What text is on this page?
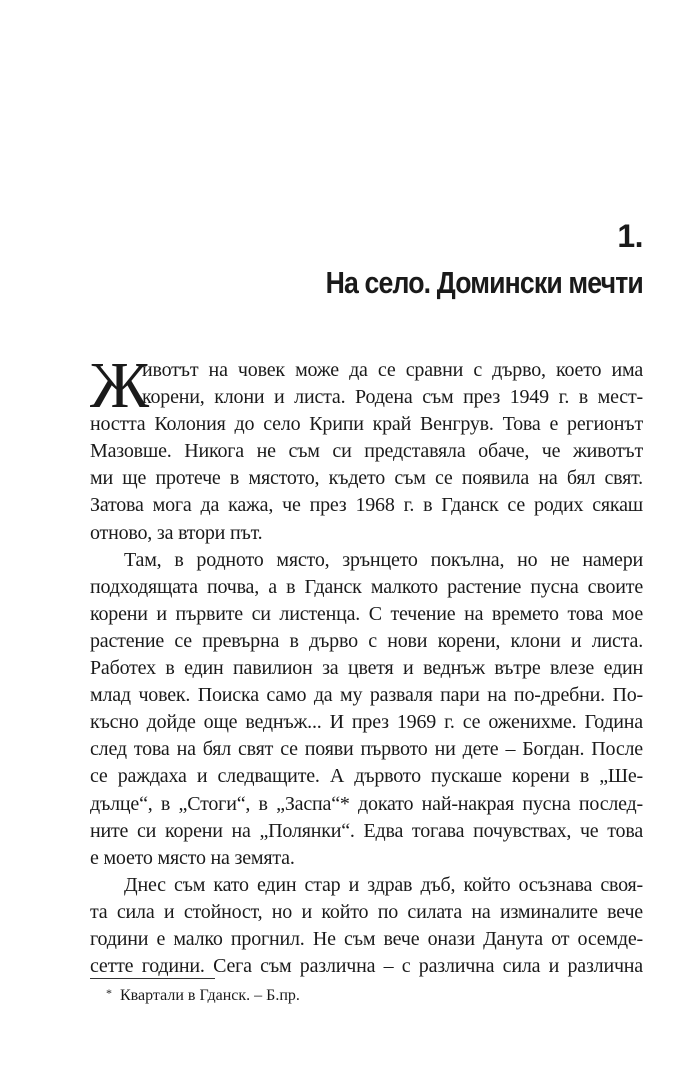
1.
На село. Домински мечти
Ж
ивотът на човек може да се сравни с дърво, което има
корени, клони и листа. Родена съм през 1949 г. в мест-
ността Колония до село Крипи край Венгрув. Това е регионът
Мазовше. Никога не съм си представяла обаче, че животът
ми ще протече в мястото, където съм се появила на бял свят.
Затова мога да кажа, че през 1968 г. в Гданск се родих сякаш
отново, за втори път.
Там, в родното място, зрънцето покълна, но не намери
подходящата почва, а в Гданск малкото растение пусна своите
корени и първите си листенца. С течение на времето това мое
растение се превърна в дърво с нови корени, клони и листа.
Работех в един павилион за цветя и веднъж вътре влезе един
млад човек. Поиска само да му разваля пари на по-дребни. По-
късно дойде още веднъж... И през 1969 г. се оженихме. Година
след това на бял свят се появи първото ни дете – Богдан. После
се раждаха и следващите. А дървото пускаше корени в „Ше-
дълце“, в „Стоги“, в „Заспа“* докато най-накрая пусна послед-
ните си корени на „Полянки“. Едва тогава почувствах, че това
е моето място на земята.
Днес съм като един стар и здрав дъб, който осъзнава своя-
та сила и стойност, но и който по силата на изминалите вече
години е малко прогнил. Не съм вече онази Данута от осемде-
сетте години. Сега съм различна – с различна сила и различна
* Квартали в Гданск. – Б.пр.
